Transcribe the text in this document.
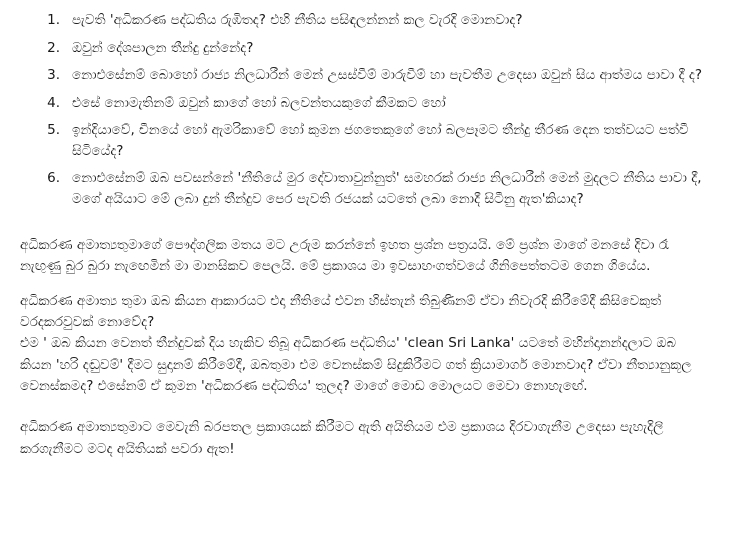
1. පැවති 'අධිකරණ පද්ධතිය රුඹිතද? එහි නීතිය පසිඳලන්නන් කල වැරදි මොනවාද?
2. ඔවුන් දේශපාලන තීන්දු දුන්නේද?
3. නොඑසේනම් බොහෝ රාජ්‍ය නිලධාරීන් මෙන් උසස්වීම් මාරුවීම් හා පැවතීම උදෙසා ඔවුන් සිය ආත්මය පාවා දී ද?
4. එසේ නොමැතිනම් ඔවුන් කාගේ හෝ බලවන්තයකුගේ කීමකට හෝ
5. ඉන්දියාවේ, චීනයේ හෝ ඇමරිකාවේ හෝ කුමන ජගතෙකුගේ හෝ බලපෑමට තීන්දු තීරණ දෙන තත්වයට පත්වී සිටියේද?
6. නොඑසේනම් ඔබ පවසන්නේ 'නීතියේ මුර දේවාතාවුන්නුත්' සමහරක් රාජ්‍ය නිලධාරීන් මෙන් මුදලට නීතිය පාවා දී, මගේ අයියාට මේ ලබා දුන් තීන්දුව පෙර පැවති රජයක් යටතේ ලබා නොදී සිටීනු ඇත'කියාද?

අධිකරණ අමාත්‍යතුමාගේ පෞද්ගලික මතය මට උරුම කරන්නේ ඉහත ප්‍රශ්න පත්‍රයයි. මේ ප්‍රශ්න මාගේ මනසේ දිවා රෑ නැඟුණු බුර බුරා නැඟෙමින් මා මානසිකව පෙලයි. මේ ප්‍රකාශය මා ඉවසාහංගත්වයේ ගිනිපෙත්තටම ගෙන ගියේය.

අධිකරණ අමාත්‍ය තුමා ඔබ කියන ආකාරයට එදා නීතියේ එවන හිස්තැන් තිබුණිනම් ඒවා නිවැරදි කිරීමේදී කිසිවෙකුත් වරදකරවුවක් නොවේද?

එම ' ඔබ කියන වෙනත් තීන්දුවක් දිය හැකිව තිබූ අධිකරණ පද්ධතිය' 'clean Sri Lanka' යටතේ මහින්දානන්දලාට ඔබ කියන 'හරි දඬුවම්' දීමට සුදානම් කිරීමේදී, ඔබතුමා එම වෙනස්කම් සිදුකිරීමට ගත් ක්‍රියාමාර්ග මොනවාද? ඒවා නීත්‍යානුකූල වෙනස්කමද? එසේනම් ඒ කුමන 'අධිකරණ පද්ධතිය' තුලද? මාගේ මොඩ මොලයට මෙවා නොහැඟේ.

අධිකරණ අමාත්‍යතුමාට මෙවැනි බරපතල ප්‍රකාශයක් කිරීමට ඇති අයිතියම එම ප්‍රකාශය දිරවාගැනීම උදෙසා පැහැදිලි කරගැනීමට මටද අයිතියක් පවරා ඇත!
